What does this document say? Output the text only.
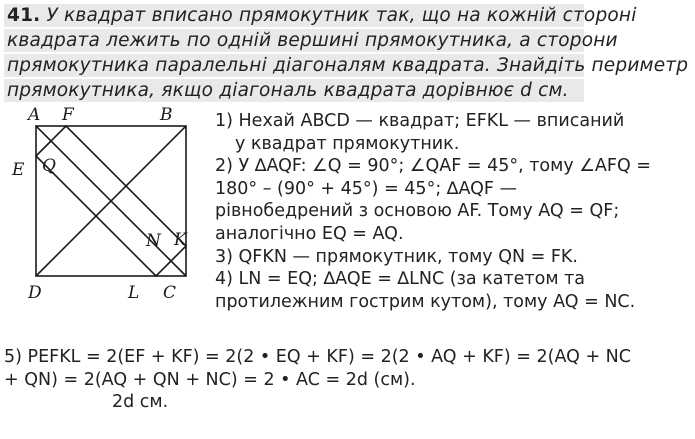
41. У квадрат вписано прямокутник так, що на кожній стороні
квадрата лежить по одній вершині прямокутника, а сторони
прямокутника паралельні діагоналям квадрата. Знайдіть периметр
прямокутника, якщо діагональ квадрата дорівнює d см.
A F	B
E Q
N K
D	L C
1) Нехай ABCD — квадрат; EFKL — вписаний
у квадрат прямокутник.
2) У ∆AQF: ∠Q = 90°; ∠QAF = 45°, тому ∠AFQ =
180° – (90° + 45°) = 45°; ∆AQF —
рівнобедрений з основою AF. Тому AQ = QF;
аналогічно EQ = AQ.
3) QFKN — прямокутник, тому QN = FK.
4) LN = EQ; ∆AQE = ∆LNC (за катетом та
протилежним гострим кутом), тому AQ = NC.
5) PEFKL = 2(EF + KF) = 2(2 • EQ + KF) = 2(2 • AQ + KF) = 2(AQ + NC
+ QN) = 2(AQ + QN + NC) = 2 • AC = 2d (см).
2d см.
